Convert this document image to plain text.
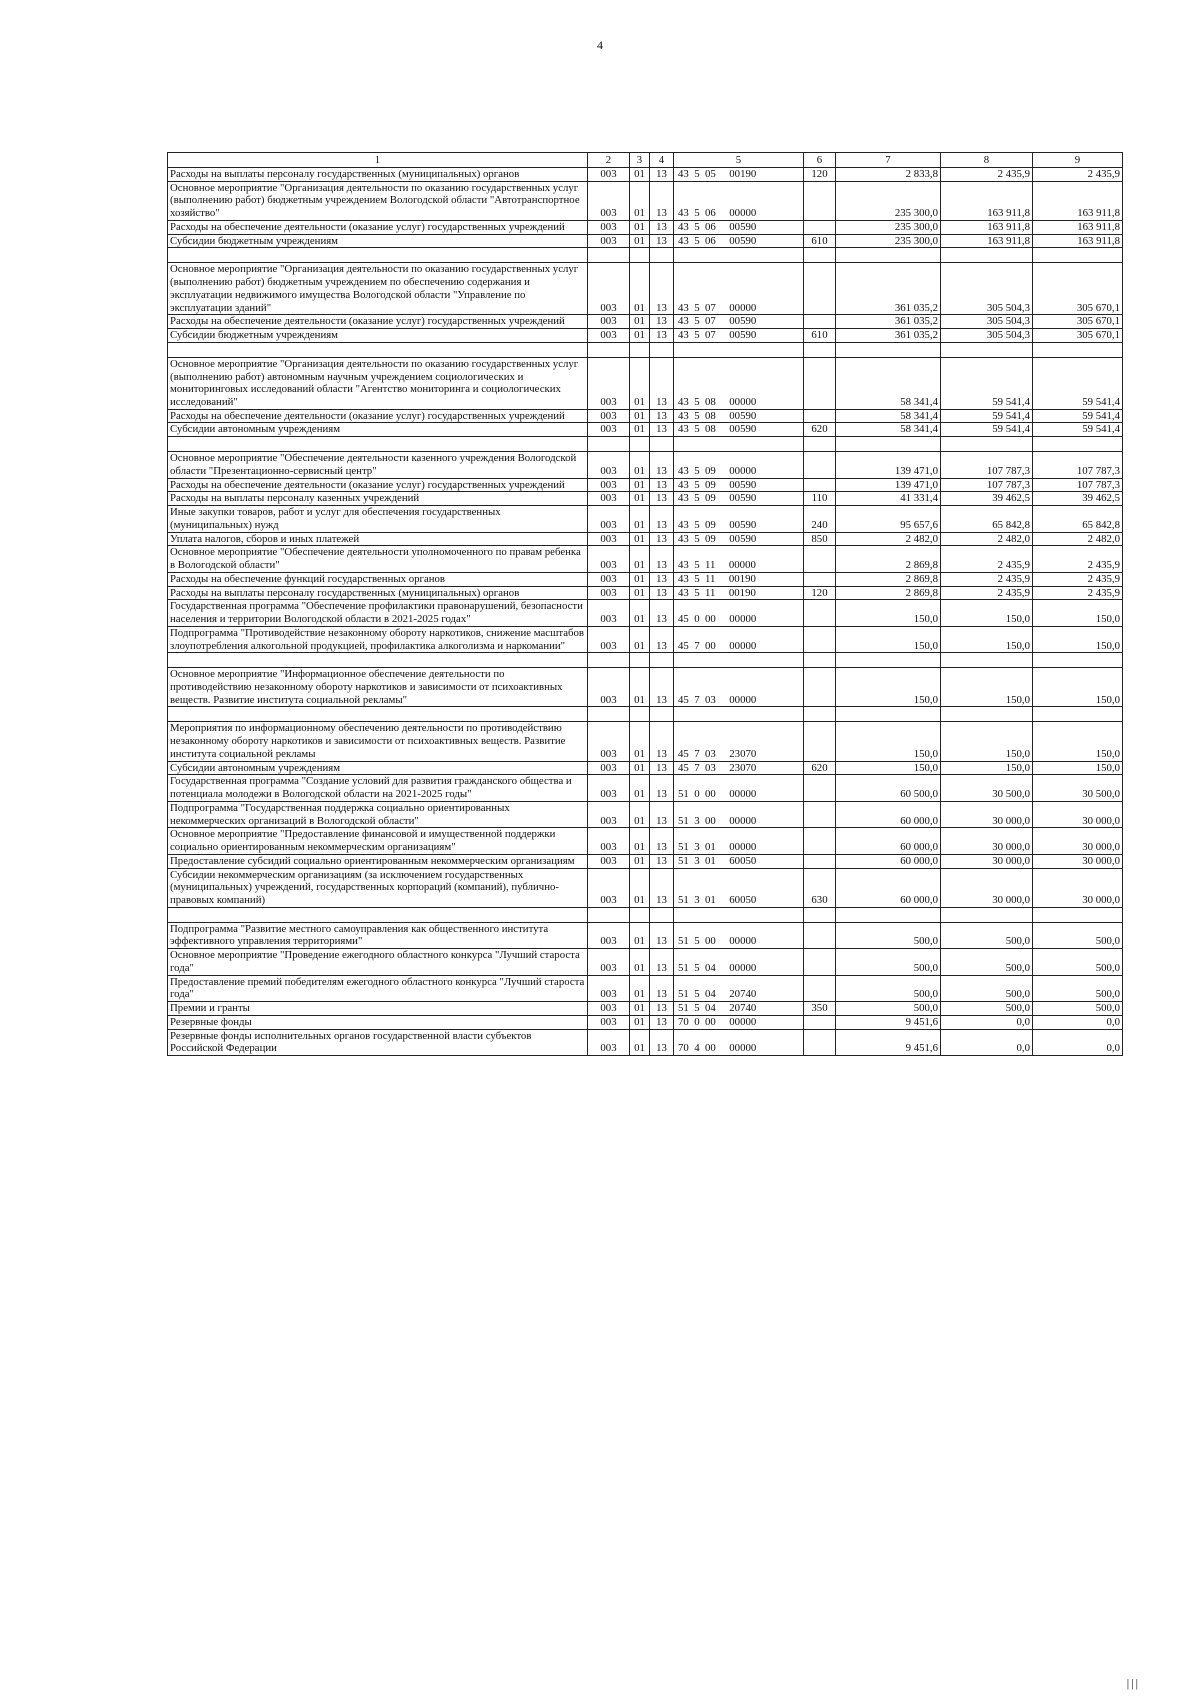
4
1	2	3	4	5	6	7	8	9
Расходы на выплаты персоналу государственных (муниципальных) органов	003	01	13	43  5  05     00190	120	2 833,8	2 435,9	2 435,9
Основное мероприятие "Организация деятельности по оказанию государственных услуг (выполнению работ) бюджетным учреждением Вологодской области "Автотранспортное хозяйство"	003	01	13	43  5  06     00000		235 300,0	163 911,8	163 911,8
Расходы на обеспечение деятельности (оказание услуг) государственных учреждений	003	01	13	43  5  06     00590		235 300,0	163 911,8	163 911,8
Субсидии бюджетным учреждениям	003	01	13	43  5  06     00590	610	235 300,0	163 911,8	163 911,8

Основное мероприятие "Организация деятельности по оказанию государственных услуг (выполнению работ) бюджетным учреждением по обеспечению содержания и эксплуатации недвижимого имущества Вологодской области "Управление по эксплуатации зданий"	003	01	13	43  5  07     00000		361 035,2	305 504,3	305 670,1
Расходы на обеспечение деятельности (оказание услуг) государственных учреждений	003	01	13	43  5  07     00590		361 035,2	305 504,3	305 670,1
Субсидии бюджетным учреждениям	003	01	13	43  5  07     00590	610	361 035,2	305 504,3	305 670,1

Основное мероприятие "Организация деятельности по оказанию государственных услуг (выполнению работ) автономным научным учреждением социологических и мониторинговых исследований области "Агентство мониторинга и социологических исследований"	003	01	13	43  5  08     00000		58 341,4	59 541,4	59 541,4
Расходы на обеспечение деятельности (оказание услуг) государственных учреждений	003	01	13	43  5  08     00590		58 341,4	59 541,4	59 541,4
Субсидии автономным учреждениям	003	01	13	43  5  08     00590	620	58 341,4	59 541,4	59 541,4

Основное мероприятие "Обеспечение деятельности казенного учреждения Вологодской области "Презентационно-сервисный центр"	003	01	13	43  5  09     00000		139 471,0	107 787,3	107 787,3
Расходы на обеспечение деятельности (оказание услуг) государственных учреждений	003	01	13	43  5  09     00590		139 471,0	107 787,3	107 787,3
Расходы на выплаты персоналу казенных учреждений	003	01	13	43  5  09     00590	110	41 331,4	39 462,5	39 462,5
Иные закупки товаров, работ и услуг для обеспечения государственных (муниципальных) нужд	003	01	13	43  5  09     00590	240	95 657,6	65 842,8	65 842,8
Уплата налогов, сборов и иных платежей	003	01	13	43  5  09     00590	850	2 482,0	2 482,0	2 482,0
Основное мероприятие "Обеспечение деятельности уполномоченного по правам ребенка в Вологодской области"	003	01	13	43  5  11     00000		2 869,8	2 435,9	2 435,9
Расходы на обеспечение функций государственных органов	003	01	13	43  5  11     00190		2 869,8	2 435,9	2 435,9
Расходы на выплаты персоналу государственных (муниципальных) органов	003	01	13	43  5  11     00190	120	2 869,8	2 435,9	2 435,9
Государственная программа "Обеспечение профилактики правонарушений, безопасности населения и территории Вологодской области в 2021-2025 годах"	003	01	13	45  0  00     00000		150,0	150,0	150,0
Подпрограмма "Противодействие незаконному обороту наркотиков, снижение масштабов злоупотребления алкогольной продукцией, профилактика алкоголизма и наркомании"	003	01	13	45  7  00     00000		150,0	150,0	150,0

Основное мероприятие "Информационное обеспечение деятельности по противодействию незаконному обороту наркотиков и зависимости от психоактивных веществ. Развитие института социальной рекламы"	003	01	13	45  7  03     00000		150,0	150,0	150,0

Мероприятия по информационному обеспечению деятельности по противодействию незаконному обороту наркотиков и зависимости от психоактивных веществ. Развитие института социальной рекламы	003	01	13	45  7  03     23070		150,0	150,0	150,0
Субсидии автономным учреждениям	003	01	13	45  7  03     23070	620	150,0	150,0	150,0
Государственная программа "Создание условий для развития гражданского общества и потенциала молодежи в Вологодской области на 2021-2025 годы"	003	01	13	51  0  00     00000		60 500,0	30 500,0	30 500,0
Подпрограмма "Государственная поддержка социально ориентированных некоммерческих организаций в Вологодской области"	003	01	13	51  3  00     00000		60 000,0	30 000,0	30 000,0
Основное мероприятие "Предоставление финансовой и имущественной поддержки социально ориентированным некоммерческим организациям"	003	01	13	51  3  01     00000		60 000,0	30 000,0	30 000,0
Предоставление субсидий социально ориентированным некоммерческим организациям	003	01	13	51  3  01     60050		60 000,0	30 000,0	30 000,0
Субсидии некоммерческим организациям (за исключением государственных (муниципальных) учреждений, государственных корпораций (компаний), публично-правовых компаний)	003	01	13	51  3  01     60050	630	60 000,0	30 000,0	30 000,0

Подпрограмма "Развитие местного самоуправления как общественного института эффективного управления территориями"	003	01	13	51  5  00     00000		500,0	500,0	500,0
Основное мероприятие "Проведение ежегодного областного конкурса "Лучший староста года"	003	01	13	51  5  04     00000		500,0	500,0	500,0
Предоставление премий победителям ежегодного областного конкурса "Лучший староста года"	003	01	13	51  5  04     20740		500,0	500,0	500,0
Премии и гранты	003	01	13	51  5  04     20740	350	500,0	500,0	500,0
Резервные фонды	003	01	13	70  0  00     00000		9 451,6	0,0	0,0
Резервные фонды исполнительных органов государственной власти субъектов Российской Федерации	003	01	13	70  4  00     00000		9 451,6	0,0	0,0
|||
